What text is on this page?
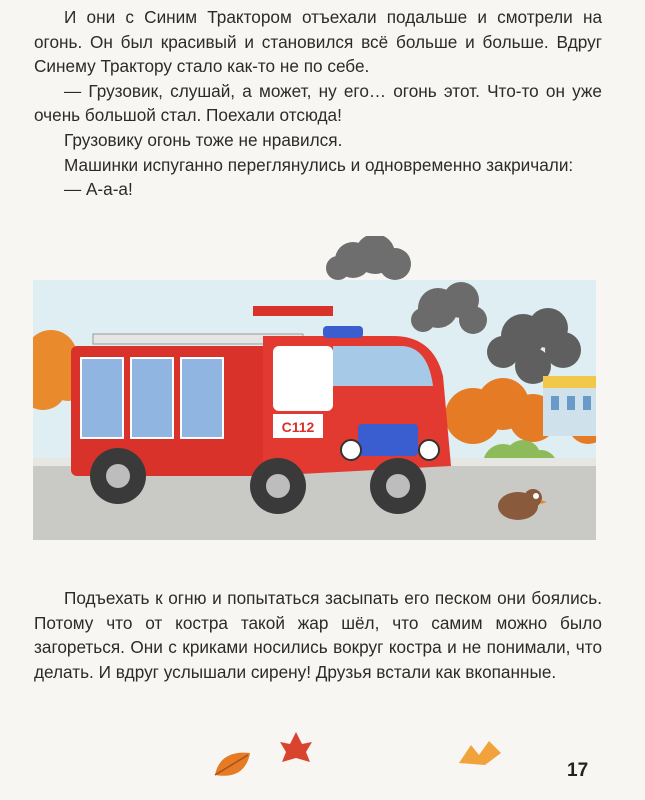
И они с Синим Трактором отъехали подальше и смотрели на огонь. Он был красивый и становился всё больше и больше. Вдруг Синему Трактору стало как-то не по себе.

— Грузовик, слушай, а может, ну его… огонь этот. Что-то он уже очень большой стал. Поехали отсюда!

Грузовику огонь тоже не нравился.

Машинки испуганно переглянулись и одновременно закричали:

— А-а-а!

С112

Подъехать к огню и попытаться засыпать его песком они боялись. Потому что от костра такой жар шёл, что самим можно было загореться. Они с криками носились вокруг костра и не понимали, что делать. И вдруг услышали сирену! Друзья встали как вкопанные.

17
